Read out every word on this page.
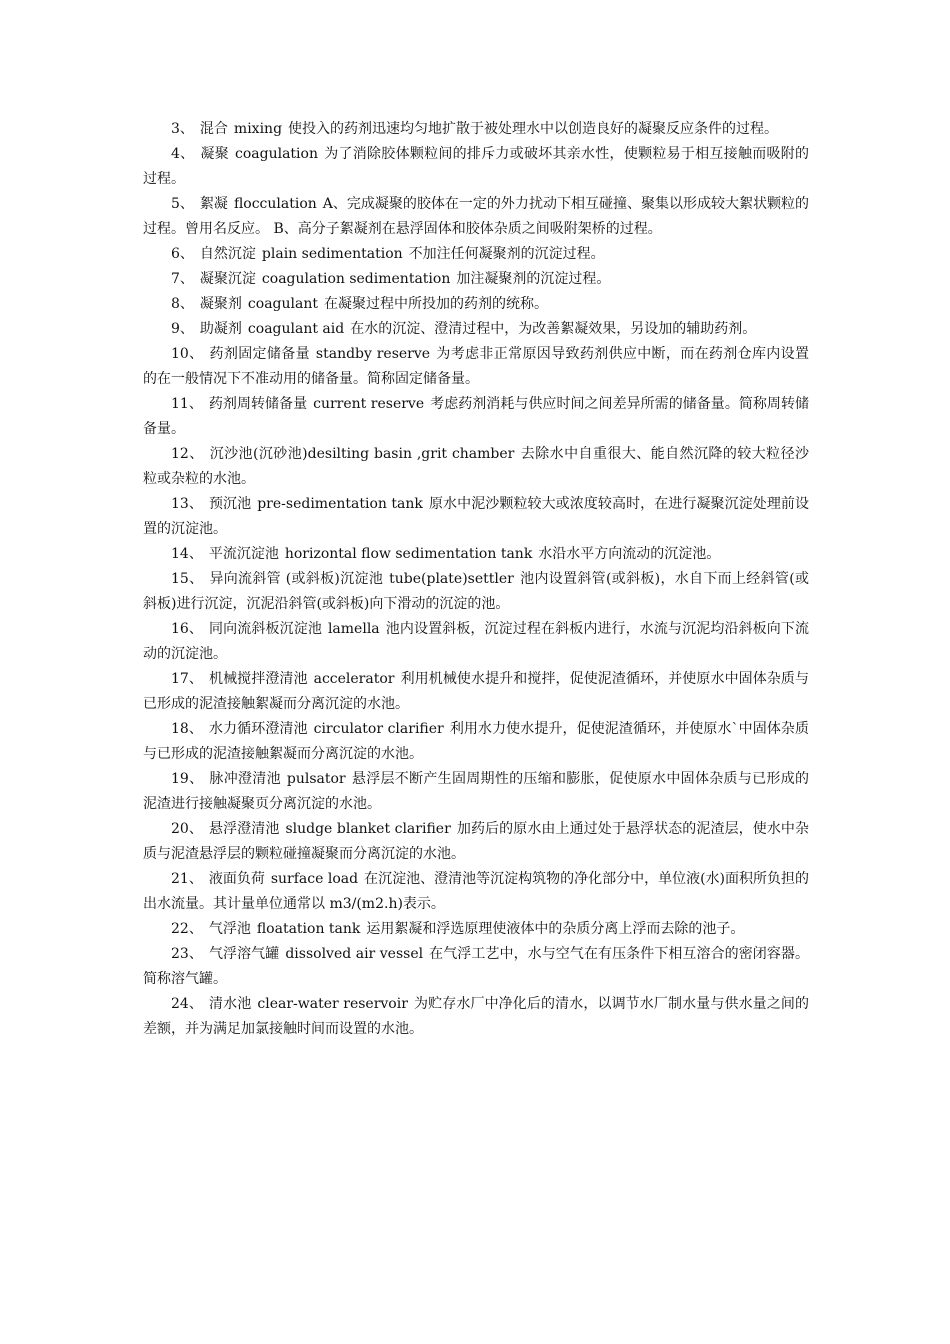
3、 混合 mixing 使投入的药剂迅速均匀地扩散于被处理水中以创造良好的凝聚反应条件的过程。

4、 凝聚 coagulation 为了消除胶体颗粒间的排斥力或破坏其亲水性，使颗粒易于相互接触而吸附的过程。

5、 絮凝 flocculation A、完成凝聚的胶体在一定的外力扰动下相互碰撞、聚集以形成较大絮状颗粒的过程。曾用名反应。 B、高分子絮凝剂在悬浮固体和胶体杂质之间吸附架桥的过程。

6、 自然沉淀 plain sedimentation 不加注任何凝聚剂的沉淀过程。

7、 凝聚沉淀 coagulation sedimentation 加注凝聚剂的沉淀过程。

8、 凝聚剂 coagulant 在凝聚过程中所投加的药剂的统称。

9、 助凝剂 coagulant aid 在水的沉淀、澄清过程中，为改善絮凝效果，另设加的辅助药剂。

10、 药剂固定储备量 standby reserve 为考虑非正常原因导致药剂供应中断，而在药剂仓库内设置的在一般情况下不准动用的储备量。简称固定储备量。

11、 药剂周转储备量 current reserve 考虑药剂消耗与供应时间之间差异所需的储备量。简称周转储备量。

12、 沉沙池(沉砂池)desilting basin ,grit chamber 去除水中自重很大、能自然沉降的较大粒径沙粒或杂粒的水池。

13、 预沉池 pre-sedimentation tank 原水中泥沙颗粒较大或浓度较高时，在进行凝聚沉淀处理前设置的沉淀池。

14、 平流沉淀池 horizontal flow sedimentation tank 水沿水平方向流动的沉淀池。

15、 异向流斜管 (或斜板)沉淀池 tube(plate)settler 池内设置斜管(或斜板)，水自下而上经斜管(或斜板)进行沉淀，沉泥沿斜管(或斜板)向下滑动的沉淀的池。

16、 同向流斜板沉淀池 lamella 池内设置斜板，沉淀过程在斜板内进行，水流与沉泥均沿斜板向下流动的沉淀池。

17、 机械搅拌澄清池 accelerator 利用机械使水提升和搅拌，促使泥渣循环，并使原水中固体杂质与已形成的泥渣接触絮凝而分离沉淀的水池。

18、 水力循环澄清池 circulator clarifier 利用水力使水提升，促使泥渣循环，并使原水`中固体杂质与已形成的泥渣接触絮凝而分离沉淀的水池。

19、 脉冲澄清池 pulsator 悬浮层不断产生固周期性的压缩和膨胀，促使原水中固体杂质与已形成的泥渣进行接触凝聚页分离沉淀的水池。

20、 悬浮澄清池 sludge blanket clarifier 加药后的原水由上通过处于悬浮状态的泥渣层，使水中杂质与泥渣悬浮层的颗粒碰撞凝聚而分离沉淀的水池。

21、 液面负荷 surface load 在沉淀池、澄清池等沉淀构筑物的净化部分中，单位液(水)面积所负担的出水流量。其计量单位通常以 m3/(m2.h)表示。

22、 气浮池 floatation tank 运用絮凝和浮选原理使液体中的杂质分离上浮而去除的池子。

23、 气浮溶气罐 dissolved air vessel 在气浮工艺中，水与空气在有压条件下相互溶合的密闭容器。简称溶气罐。

24、 清水池 clear-water reservoir 为贮存水厂中净化后的清水，以调节水厂制水量与供水量之间的差额，并为满足加氯接触时间而设置的水池。
